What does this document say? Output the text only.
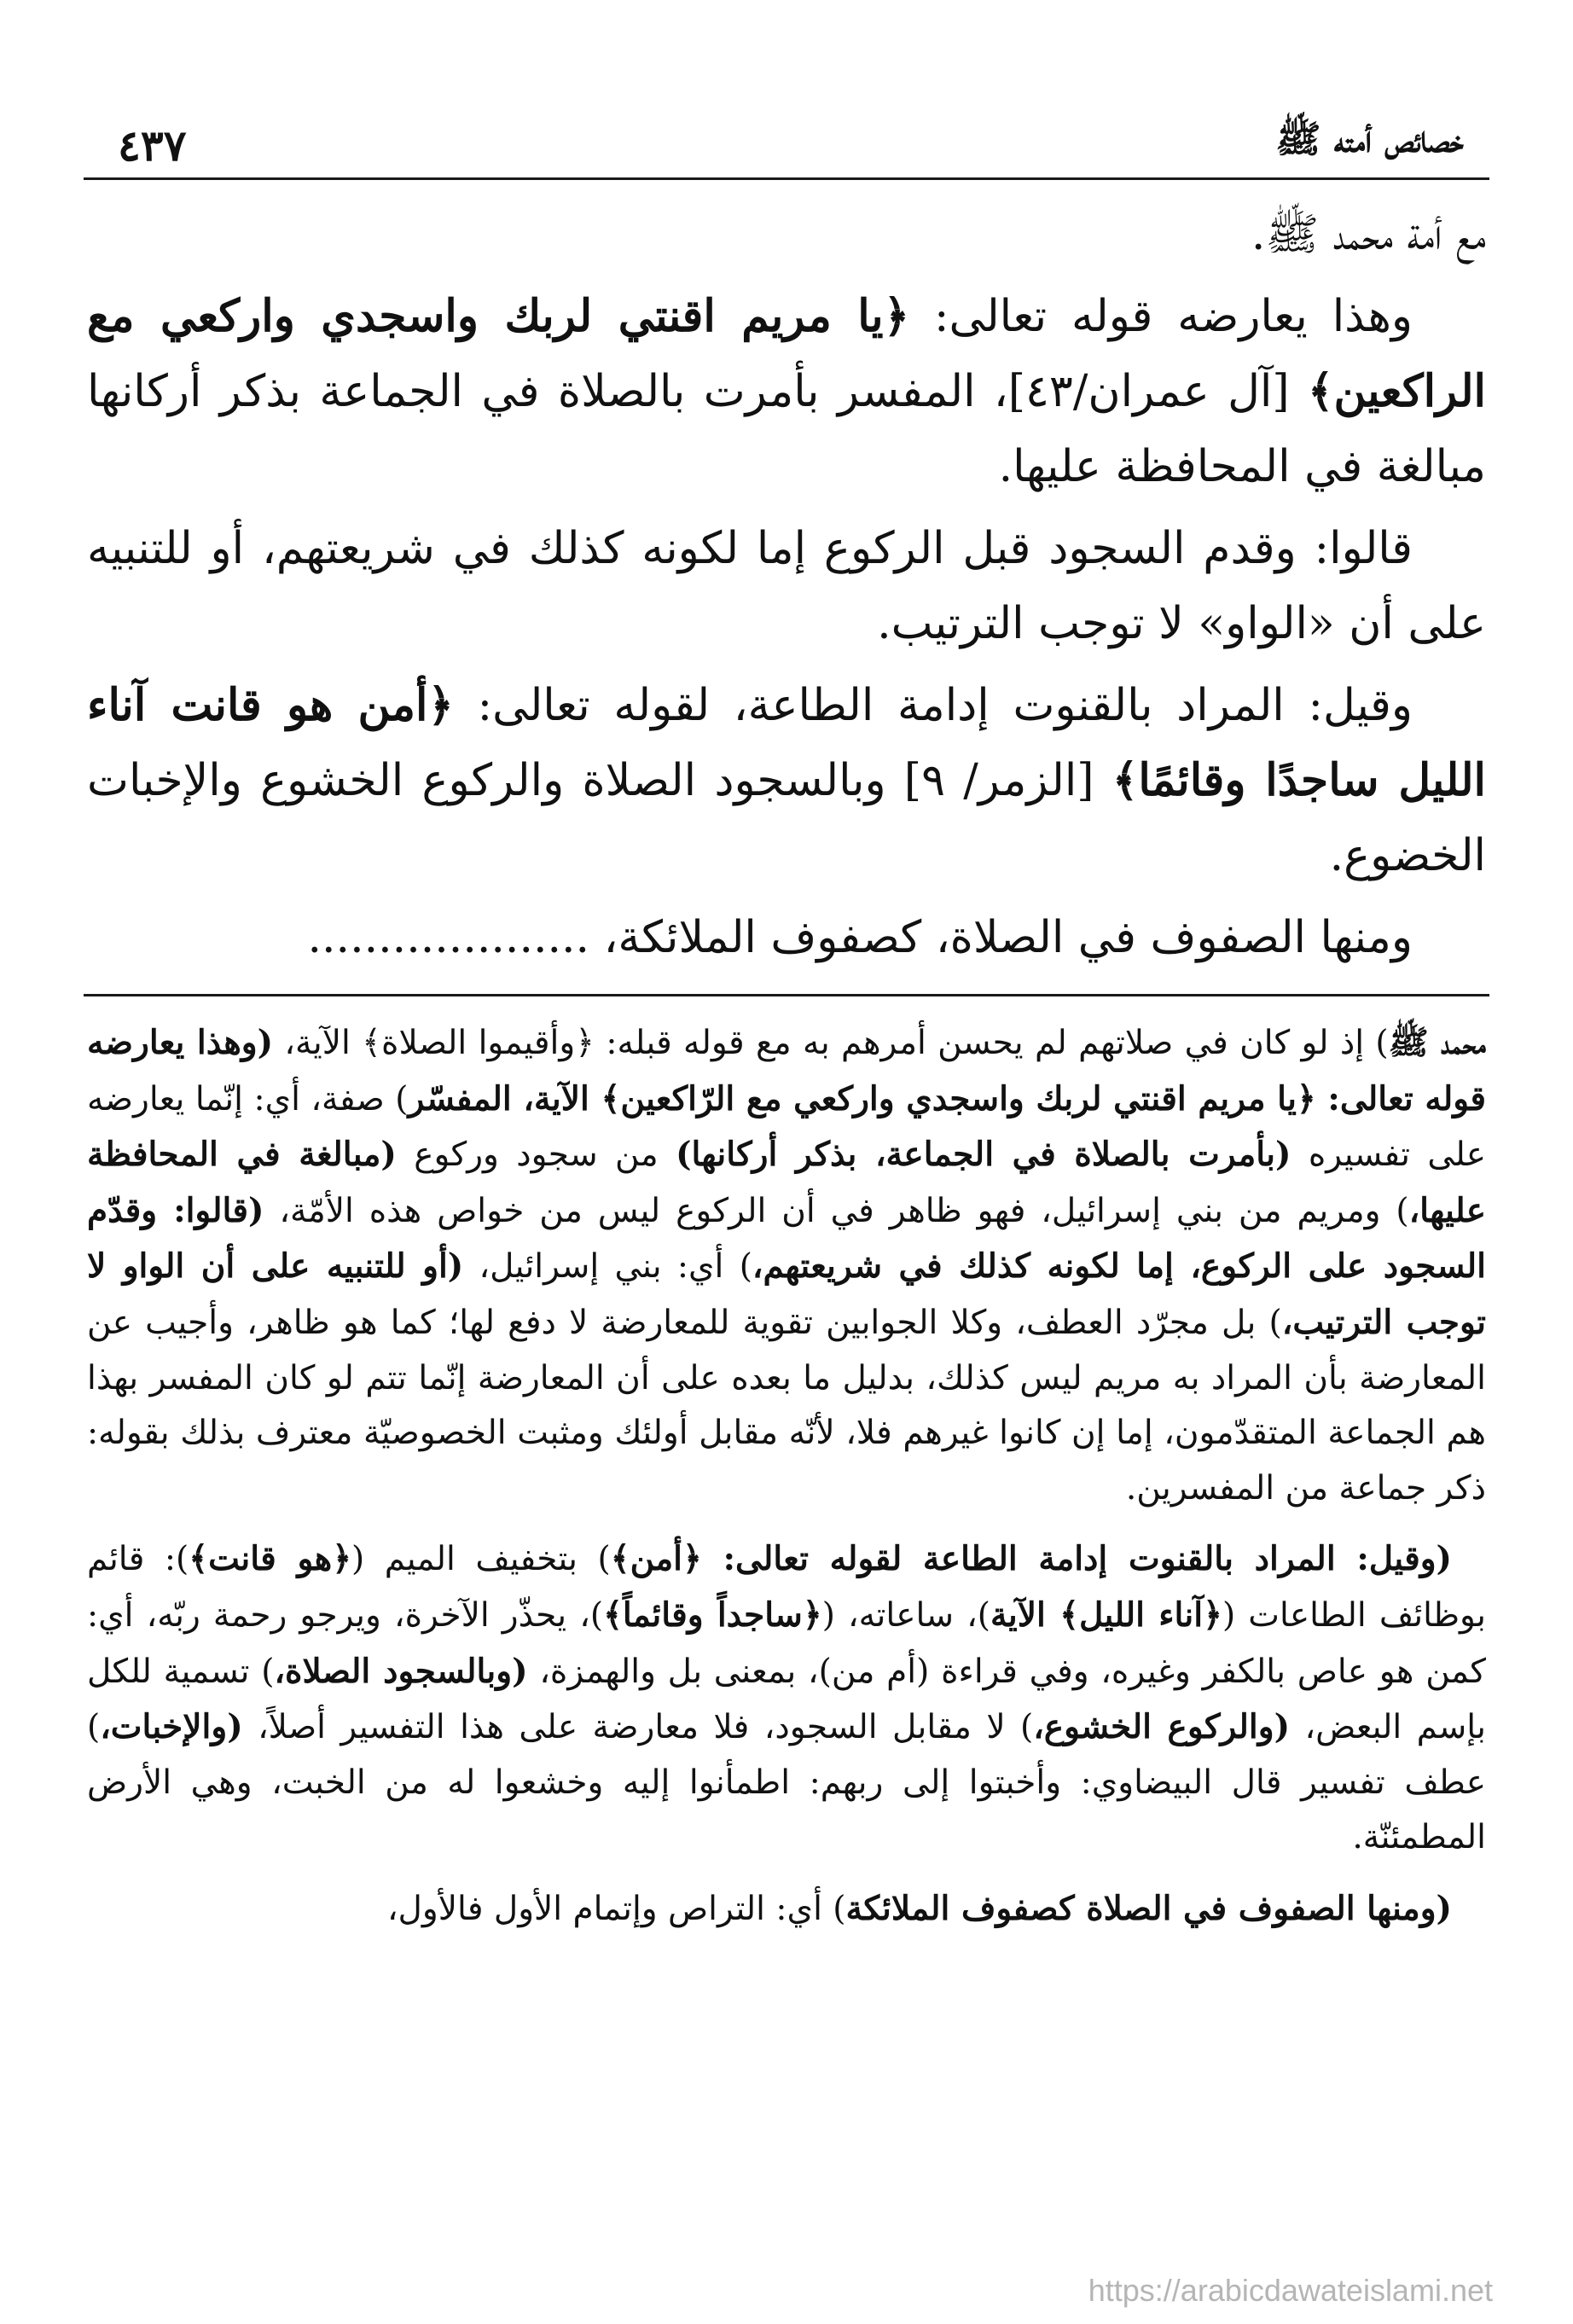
٤٣٧	خصائص أمته ﷺ

مع أمة محمد ﷺ.

وهذا يعارضه قوله تعالى: ﴿يا مريم اقنتي لربك واسجدي واركعي مع الراكعين﴾ [آل عمران/٤٣]، المفسر بأمرت بالصلاة في الجماعة بذكر أركانها مبالغة في المحافظة عليها.

قالوا: وقدم السجود قبل الركوع إما لكونه كذلك في شريعتهم، أو للتنبيه على أن «الواو» لا توجب الترتيب.

وقيل: المراد بالقنوت إدامة الطاعة، لقوله تعالى: ﴿أمن هو قانت آناء الليل ساجدًا وقائمًا﴾ [الزمر/ ٩] وبالسجود الصلاة والركوع الخشوع والإخبات الخضوع.

ومنها الصفوف في الصلاة، كصفوف الملائكة، ....................

محمد ﷺ) إذ لو كان في صلاتهم لم يحسن أمرهم به مع قوله قبله: ﴿وأقيموا الصلاة﴾ الآية، (وهذا يعارضه قوله تعالى: ﴿يا مريم اقنتي لربك واسجدي واركعي مع الرّاكعين﴾ الآية، المفسّر) صفة، أي: إنّما يعارضه على تفسيره (بأمرت بالصلاة في الجماعة، بذكر أركانها) من سجود وركوع (مبالغة في المحافظة عليها،) ومريم من بني إسرائيل، فهو ظاهر في أن الركوع ليس من خواص هذه الأمّة، (قالوا: وقدّم السجود على الركوع، إما لكونه كذلك في شريعتهم،) أي: بني إسرائيل، (أو للتنبيه على أن الواو لا توجب الترتيب،) بل مجرّد العطف، وكلا الجوابين تقوية للمعارضة لا دفع لها؛ كما هو ظاهر، وأجيب عن المعارضة بأن المراد به مريم ليس كذلك، بدليل ما بعده على أن المعارضة إنّما تتم لو كان المفسر بهذا هم الجماعة المتقدّمون، إما إن كانوا غيرهم فلا، لأنّه مقابل أولئك ومثبت الخصوصيّة معترف بذلك بقوله: ذكر جماعة من المفسرين.

(وقيل: المراد بالقنوت إدامة الطاعة لقوله تعالى: ﴿أمن﴾) بتخفيف الميم (﴿هو قانت﴾): قائم بوظائف الطاعات (﴿آناء الليل﴾ الآية)، ساعاته، (﴿ساجداً وقائماً﴾)، يحذّر الآخرة، ويرجو رحمة ربّه، أي: كمن هو عاص بالكفر وغيره، وفي قراءة (أم من)، بمعنى بل والهمزة، (وبالسجود الصلاة،) تسمية للكل بإسم البعض، (والركوع الخشوع،) لا مقابل السجود، فلا معارضة على هذا التفسير أصلاً، (والإخبات،) عطف تفسير قال البيضاوي: وأخبتوا إلى ربهم: اطمأنوا إليه وخشعوا له من الخبت، وهي الأرض المطمئنّة.

(ومنها الصفوف في الصلاة كصفوف الملائكة) أي: التراص وإتمام الأول فالأول،

https://arabicdawateislami.net
